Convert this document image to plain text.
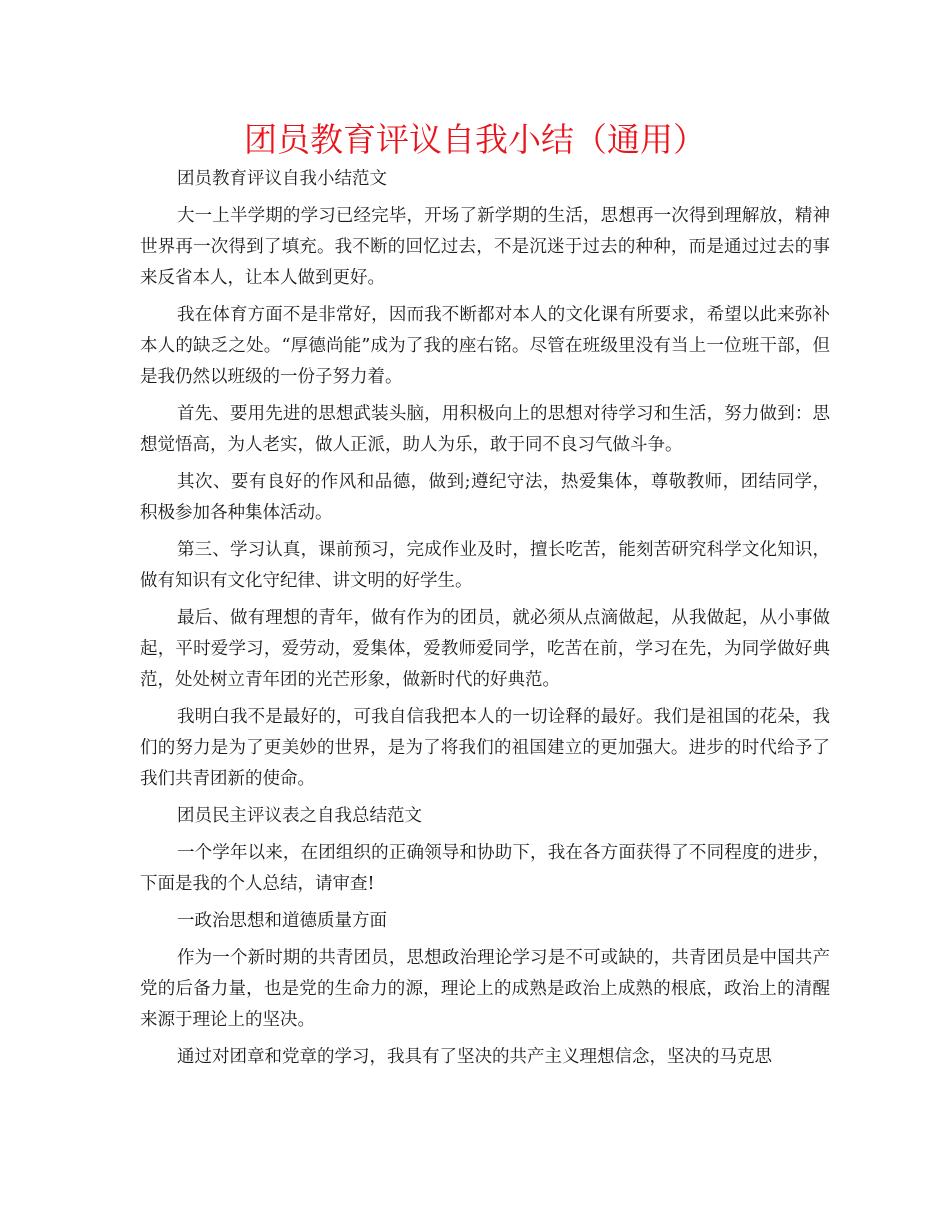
团员教育评议自我小结（通用）

团员教育评议自我小结范文

大一上半学期的学习已经完毕，开场了新学期的生活，思想再一次得到理解放，精神世界再一次得到了填充。我不断的回忆过去，不是沉迷于过去的种种，而是通过过去的事来反省本人，让本人做到更好。

我在体育方面不是非常好，因而我不断都对本人的文化课有所要求，希望以此来弥补本人的缺乏之处。“厚德尚能”成为了我的座右铭。尽管在班级里没有当上一位班干部，但是我仍然以班级的一份子努力着。

首先、要用先进的思想武装头脑，用积极向上的思想对待学习和生活，努力做到：思想觉悟高，为人老实，做人正派，助人为乐，敢于同不良习气做斗争。

其次、要有良好的作风和品德，做到;遵纪守法，热爱集体，尊敬教师，团结同学，积极参加各种集体活动。

第三、学习认真，课前预习，完成作业及时，擅长吃苦，能刻苦研究科学文化知识，做有知识有文化守纪律、讲文明的好学生。

最后、做有理想的青年，做有作为的团员，就必须从点滴做起，从我做起，从小事做起，平时爱学习，爱劳动，爱集体，爱教师爱同学，吃苦在前，学习在先，为同学做好典范，处处树立青年团的光芒形象，做新时代的好典范。

我明白我不是最好的，可我自信我把本人的一切诠释的最好。我们是祖国的花朵，我们的努力是为了更美妙的世界，是为了将我们的祖国建立的更加强大。进步的时代给予了我们共青团新的使命。

团员民主评议表之自我总结范文

一个学年以来，在团组织的正确领导和协助下，我在各方面获得了不同程度的进步，下面是我的个人总结，请审查!

一政治思想和道德质量方面

作为一个新时期的共青团员，思想政治理论学习是不可或缺的，共青团员是中国共产党的后备力量，也是党的生命力的源，理论上的成熟是政治上成熟的根底，政治上的清醒来源于理论上的坚决。

通过对团章和党章的学习，我具有了坚决的共产主义理想信念，坚决的马克思
